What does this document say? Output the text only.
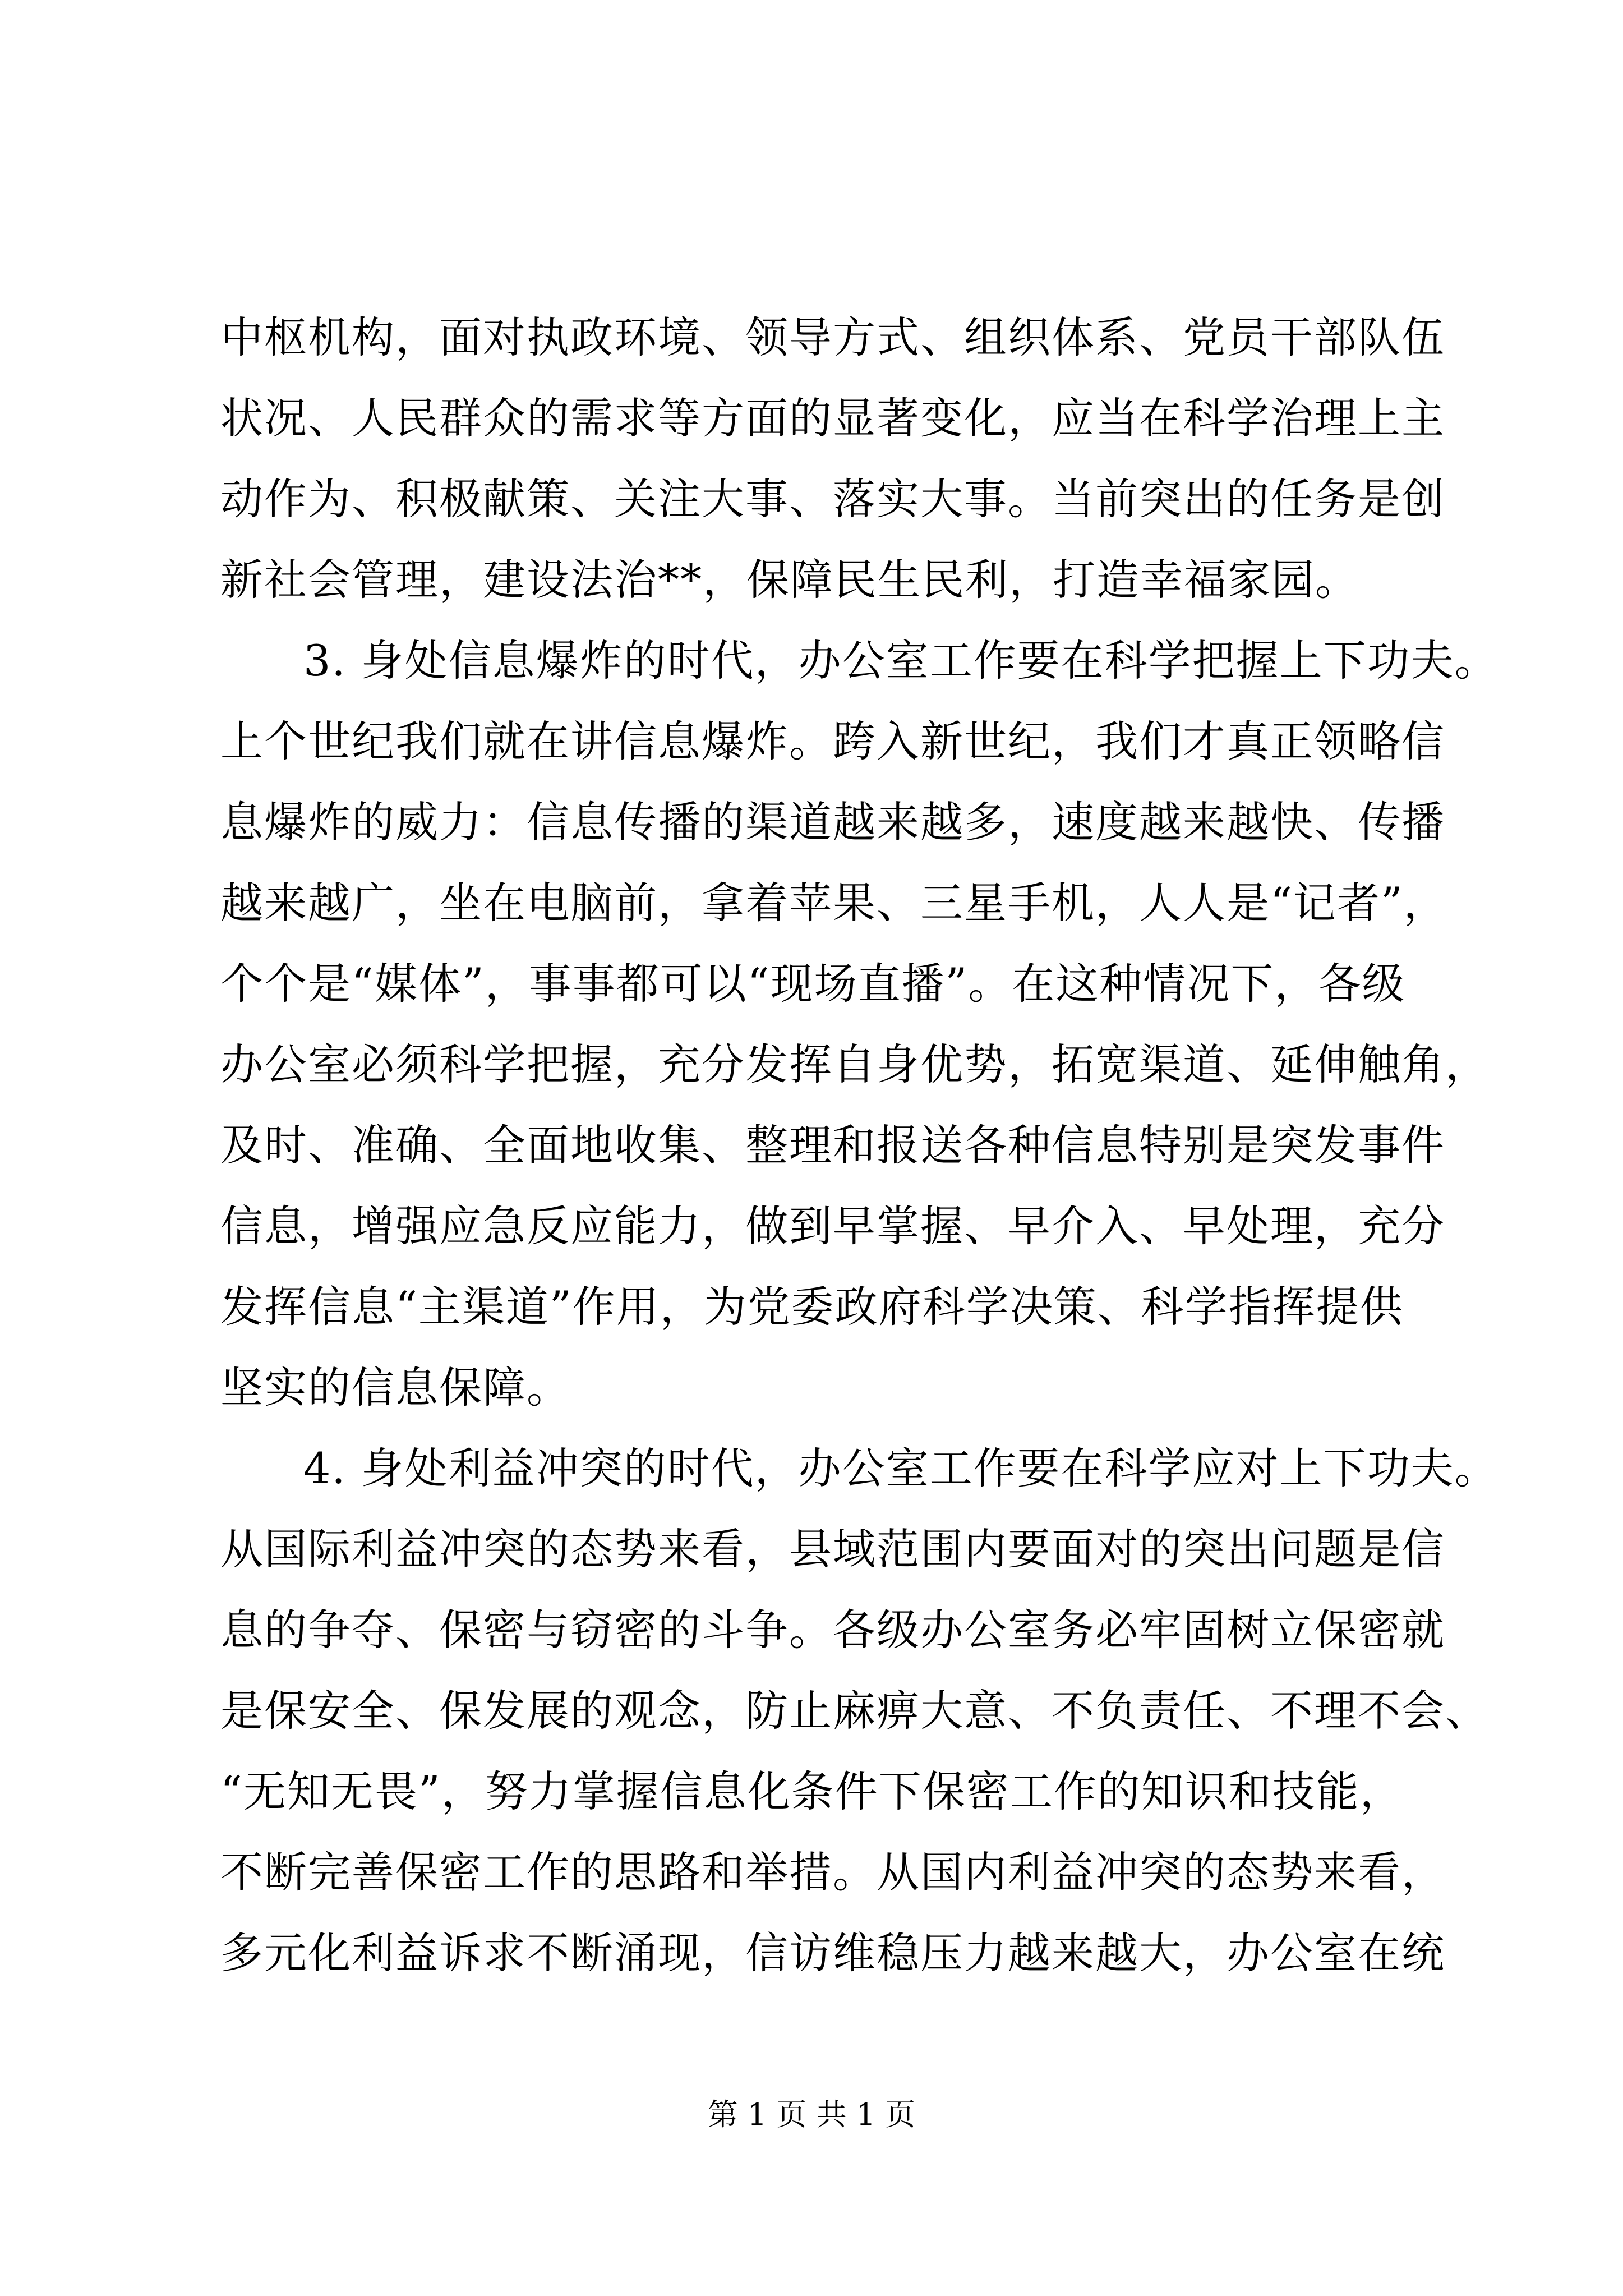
中枢机构，面对执政环境、领导方式、组织体系、党员干部队伍
状况、人民群众的需求等方面的显著变化，应当在科学治理上主
动作为、积极献策、关注大事、落实大事。当前突出的任务是创
新社会管理，建设法治**，保障民生民利，打造幸福家园。
3. 身处信息爆炸的时代，办公室工作要在科学把握上下功夫。
上个世纪我们就在讲信息爆炸。跨入新世纪，我们才真正领略信
息爆炸的威力：信息传播的渠道越来越多，速度越来越快、传播
越来越广，坐在电脑前，拿着苹果、三星手机，人人是“记者”，
个个是“媒体”，事事都可以“现场直播”。在这种情况下，各级
办公室必须科学把握，充分发挥自身优势，拓宽渠道、延伸触角，
及时、准确、全面地收集、整理和报送各种信息特别是突发事件
信息，增强应急反应能力，做到早掌握、早介入、早处理，充分
发挥信息“主渠道”作用，为党委政府科学决策、科学指挥提供
坚实的信息保障。
4. 身处利益冲突的时代，办公室工作要在科学应对上下功夫。
从国际利益冲突的态势来看，县域范围内要面对的突出问题是信
息的争夺、保密与窃密的斗争。各级办公室务必牢固树立保密就
是保安全、保发展的观念，防止麻痹大意、不负责任、不理不会、
“无知无畏”，努力掌握信息化条件下保密工作的知识和技能，
不断完善保密工作的思路和举措。从国内利益冲突的态势来看，
多元化利益诉求不断涌现，信访维稳压力越来越大，办公室在统
第 1 页 共 1 页
